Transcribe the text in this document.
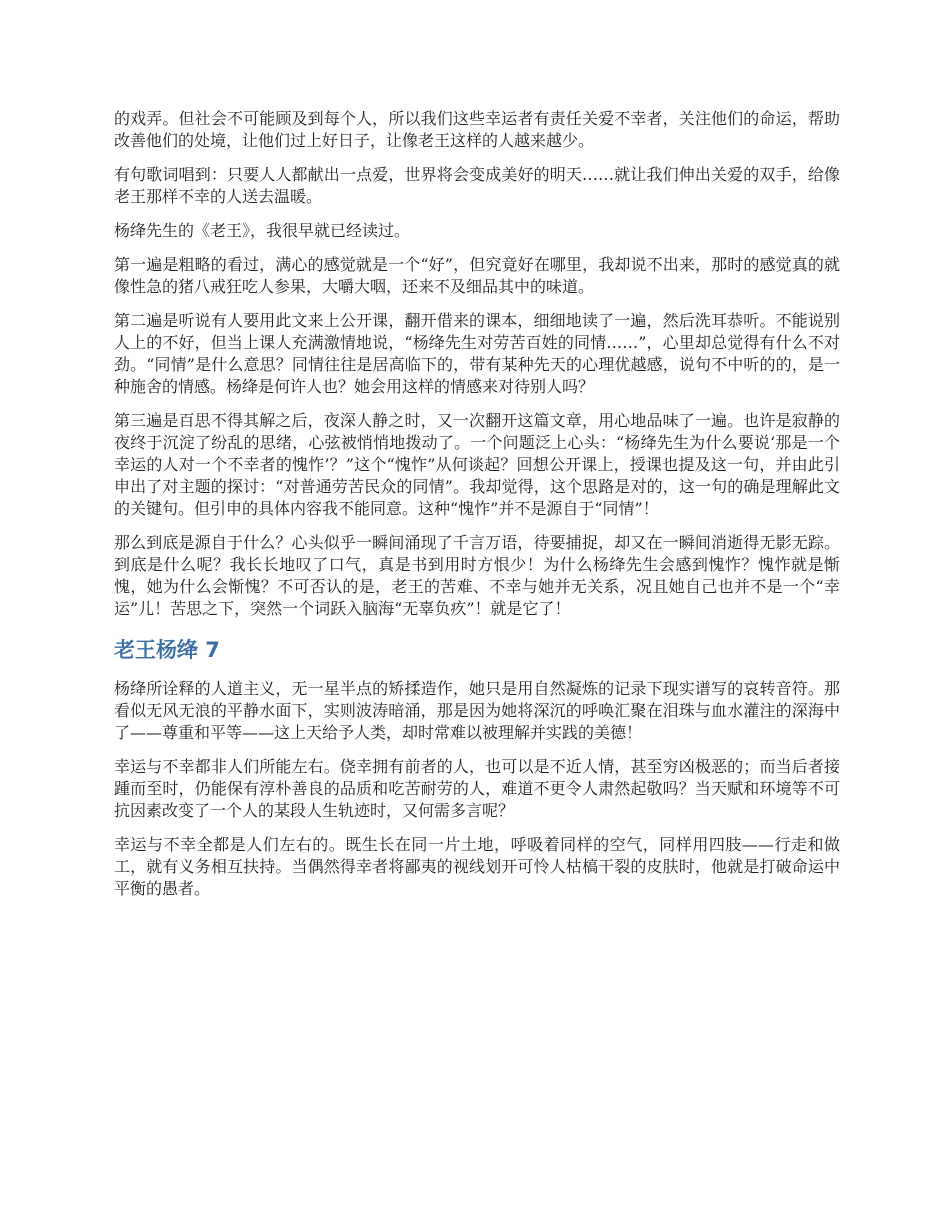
的戏弄。但社会不可能顾及到每个人，所以我们这些幸运者有责任关爱不幸者，关注他们的命运，帮助改善他们的处境，让他们过上好日子，让像老王这样的人越来越少。

有句歌词唱到：只要人人都献出一点爱，世界将会变成美好的明天……就让我们伸出关爱的双手，给像老王那样不幸的人送去温暖。

杨绛先生的《老王》，我很早就已经读过。

第一遍是粗略的看过，满心的感觉就是一个“好”，但究竟好在哪里，我却说不出来，那时的感觉真的就像性急的猪八戒狂吃人参果，大嚼大咽，还来不及细品其中的味道。

第二遍是听说有人要用此文来上公开课，翻开借来的课本，细细地读了一遍，然后洗耳恭听。不能说别人上的不好，但当上课人充满激情地说，“杨绛先生对劳苦百姓的同情……”，心里却总觉得有什么不对劲。“同情”是什么意思？同情往往是居高临下的，带有某种先天的心理优越感，说句不中听的的，是一种施舍的情感。杨绛是何许人也？她会用这样的情感来对待别人吗？

第三遍是百思不得其解之后，夜深人静之时，又一次翻开这篇文章，用心地品味了一遍。也许是寂静的夜终于沉淀了纷乱的思绪，心弦被悄悄地拨动了。一个问题泛上心头：“杨绛先生为什么要说‘那是一个幸运的人对一个不幸者的愧怍’？”这个“愧怍”从何谈起？回想公开课上，授课也提及这一句，并由此引申出了对主题的探讨：“对普通劳苦民众的同情”。我却觉得，这个思路是对的，这一句的确是理解此文的关键句。但引申的具体内容我不能同意。这种“愧怍”并不是源自于“同情”！

那么到底是源自于什么？心头似乎一瞬间涌现了千言万语，待要捕捉，却又在一瞬间消逝得无影无踪。到底是什么呢？我长长地叹了口气，真是书到用时方恨少！为什么杨绛先生会感到愧怍？愧怍就是惭愧，她为什么会惭愧？不可否认的是，老王的苦难、不幸与她并无关系，况且她自己也并不是一个“幸运”儿！苦思之下，突然一个词跃入脑海“无辜负疚”！就是它了！

老王杨绛 7

杨绛所诠释的人道主义，无一星半点的矫揉造作，她只是用自然凝炼的记录下现实谱写的哀转音符。那看似无风无浪的平静水面下，实则波涛暗涌，那是因为她将深沉的呼唤汇聚在泪珠与血水灌注的深海中了——尊重和平等——这上天给予人类，却时常难以被理解并实践的美德！

幸运与不幸都非人们所能左右。侥幸拥有前者的人，也可以是不近人情，甚至穷凶极恶的；而当后者接踵而至时，仍能保有淳朴善良的品质和吃苦耐劳的人，难道不更令人肃然起敬吗？当天赋和环境等不可抗因素改变了一个人的某段人生轨迹时，又何需多言呢？

幸运与不幸全都是人们左右的。既生长在同一片土地，呼吸着同样的空气，同样用四肢——行走和做工，就有义务相互扶持。当偶然得幸者将鄙夷的视线划开可怜人枯槁干裂的皮肤时，他就是打破命运中平衡的愚者。
